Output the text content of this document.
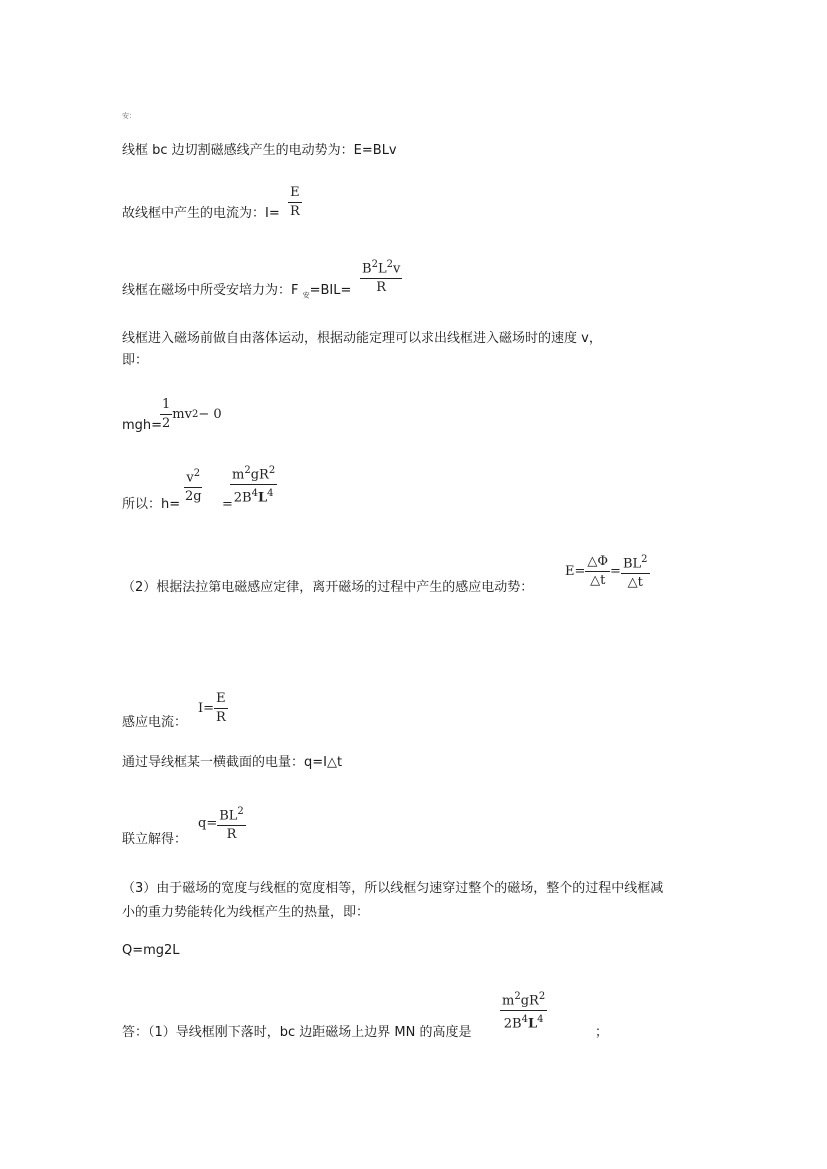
安：
线框 bc 边切割磁感线产生的电动势为：E=BLv
故线框中产生的电流为：$I= \frac{E}{R}$
线框在磁场中所受安培力为：F $_安=BIL= \frac{B^2L^2v}{R}$
线框进入磁场前做自由落体运动，根据动能定理可以求出线框进入磁场时的速度 v，
即：
mgh=
$\frac{1}{2}$ mv 2 − 0
所以：$h= \frac{v^2}{2g}$ =
$\frac{m^2gR^2}{2B^4L^4}$
（2）根据法拉第电磁感应定律，离开磁场的过程中产生的感应电动势：
$E= \frac{\triangle\Phi}{\triangle t} = \frac{BL^2}{\triangle t}$
感应电流：
$I= \frac{E}{R}$
通过导线框某一横截面的电量：q=I△t
联立解得：
$q= \frac{BL^2}{R}$
（3）由于磁场的宽度与线框的宽度相等，所以线框匀速穿过整个的磁场，整个的过程中线框减
小的重力势能转化为线框产生的热量，即：
Q=mg2L
答：（1）导线框刚下落时，bc 边距磁场上边界 MN 的高度是 $\frac{m^2gR^2}{2B^4L^4}$	；
